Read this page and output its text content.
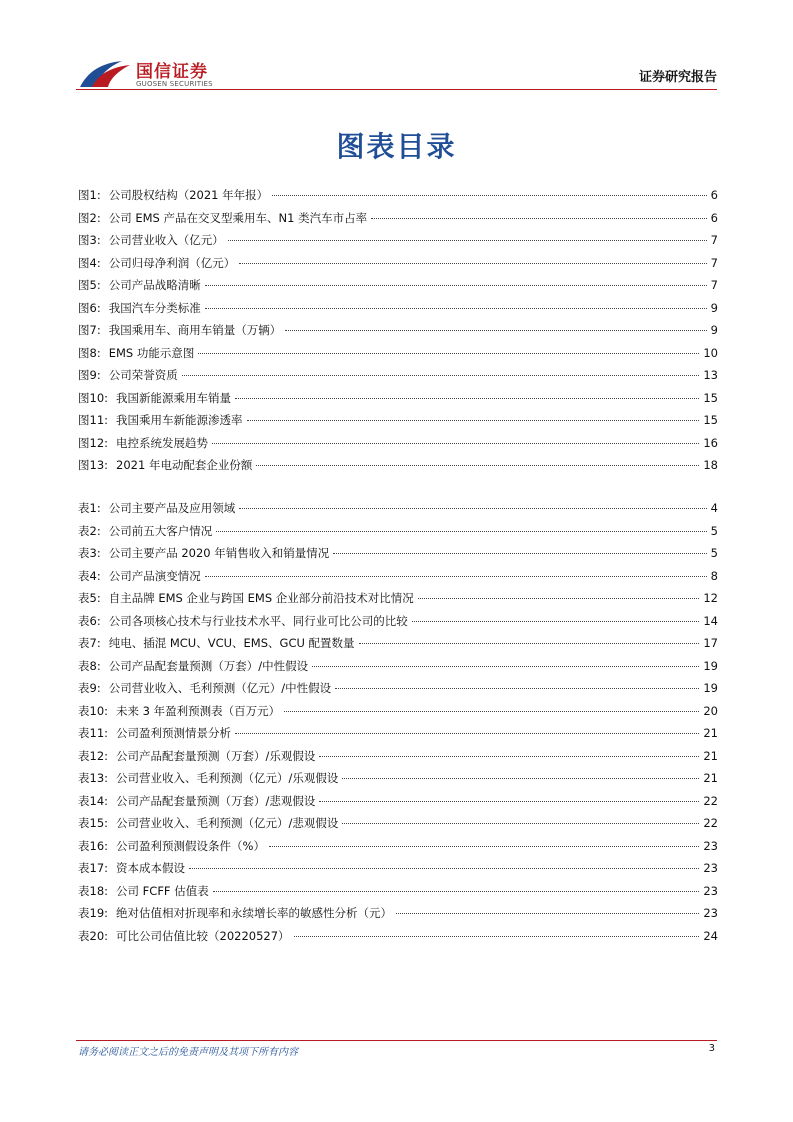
国信证券
GUOSEN SECURITIES	证券研究报告
图表目录
图1: 公司股权结构（2021 年年报）	6
图2: 公司 EMS 产品在交叉型乘用车、N1 类汽车市占率	6
图3: 公司营业收入（亿元）	7
图4: 公司归母净利润（亿元）	7
图5: 公司产品战略清晰	7
图6: 我国汽车分类标准	9
图7: 我国乘用车、商用车销量（万辆）	9
图8: EMS 功能示意图	10
图9: 公司荣誉资质	13
图10: 我国新能源乘用车销量	15
图11: 我国乘用车新能源渗透率	15
图12: 电控系统发展趋势	16
图13: 2021 年电动配套企业份额	18
表1: 公司主要产品及应用领域	4
表2: 公司前五大客户情况	5
表3: 公司主要产品 2020 年销售收入和销量情况	5
表4: 公司产品演变情况	8
表5: 自主品牌 EMS 企业与跨国 EMS 企业部分前沿技术对比情况	12
表6: 公司各项核心技术与行业技术水平、同行业可比公司的比较	14
表7: 纯电、插混 MCU、VCU、EMS、GCU 配置数量	17
表8: 公司产品配套量预测（万套）/中性假设	19
表9: 公司营业收入、毛利预测（亿元）/中性假设	19
表10: 未来 3 年盈利预测表（百万元）	20
表11: 公司盈利预测情景分析	21
表12: 公司产品配套量预测（万套）/乐观假设	21
表13: 公司营业收入、毛利预测（亿元）/乐观假设	21
表14: 公司产品配套量预测（万套）/悲观假设	22
表15: 公司营业收入、毛利预测（亿元）/悲观假设	22
表16: 公司盈利预测假设条件（%）	23
表17: 资本成本假设	23
表18: 公司 FCFF 估值表	23
表19: 绝对估值相对折现率和永续增长率的敏感性分析（元）	23
表20: 可比公司估值比较（20220527）	24
请务必阅读正文之后的免责声明及其项下所有内容	3
